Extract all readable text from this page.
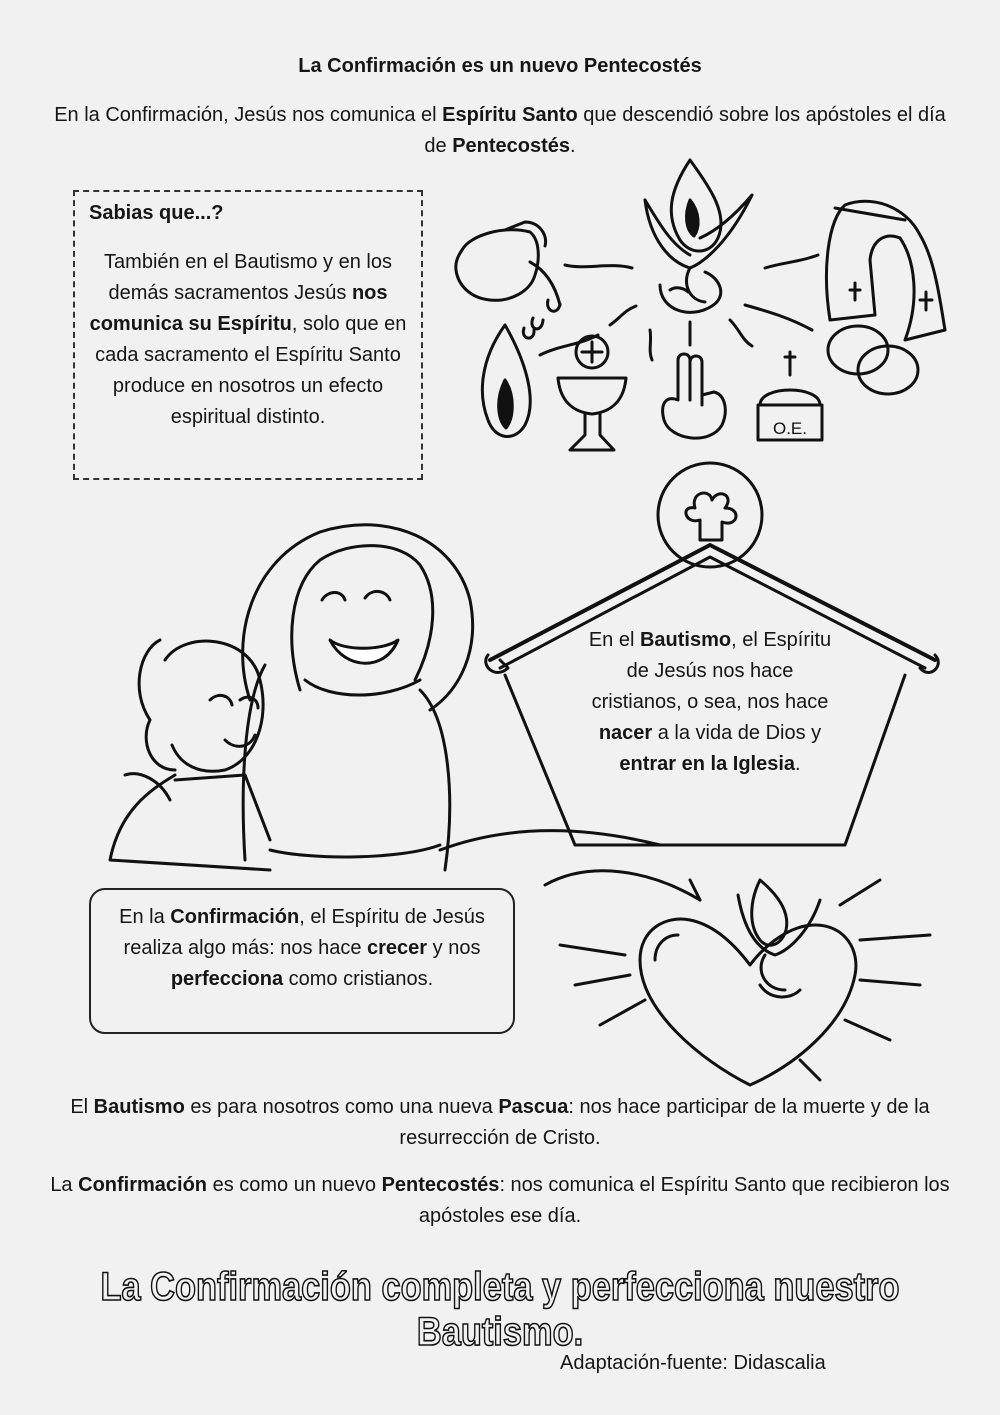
O.E.
La Confirmación es un nuevo Pentecostés
En la Confirmación, Jesús nos comunica el Espíritu Santo que descendió sobre los apóstoles el día de Pentecostés.
Sabias que...?
También en el Bautismo y en los demás sacramentos Jesús nos comunica su Espíritu, solo que en cada sacramento el Espíritu Santo produce en nosotros un efecto espiritual distinto.
En el Bautismo, el Espíritu de Jesús nos hace cristianos, o sea, nos hace nacer a la vida de Dios y entrar en la Iglesia.
En la Confirmación, el Espíritu de Jesús realiza algo más: nos hace crecer y nos perfecciona como cristianos.
El Bautismo es para nosotros como una nueva Pascua: nos hace participar de la muerte y de la resurrección de Cristo.
La Confirmación es como un nuevo Pentecostés: nos comunica el Espíritu Santo que recibieron los apóstoles ese día.
La Confirmación completa y perfecciona nuestro Bautismo.
Adaptación-fuente: Didascalia
